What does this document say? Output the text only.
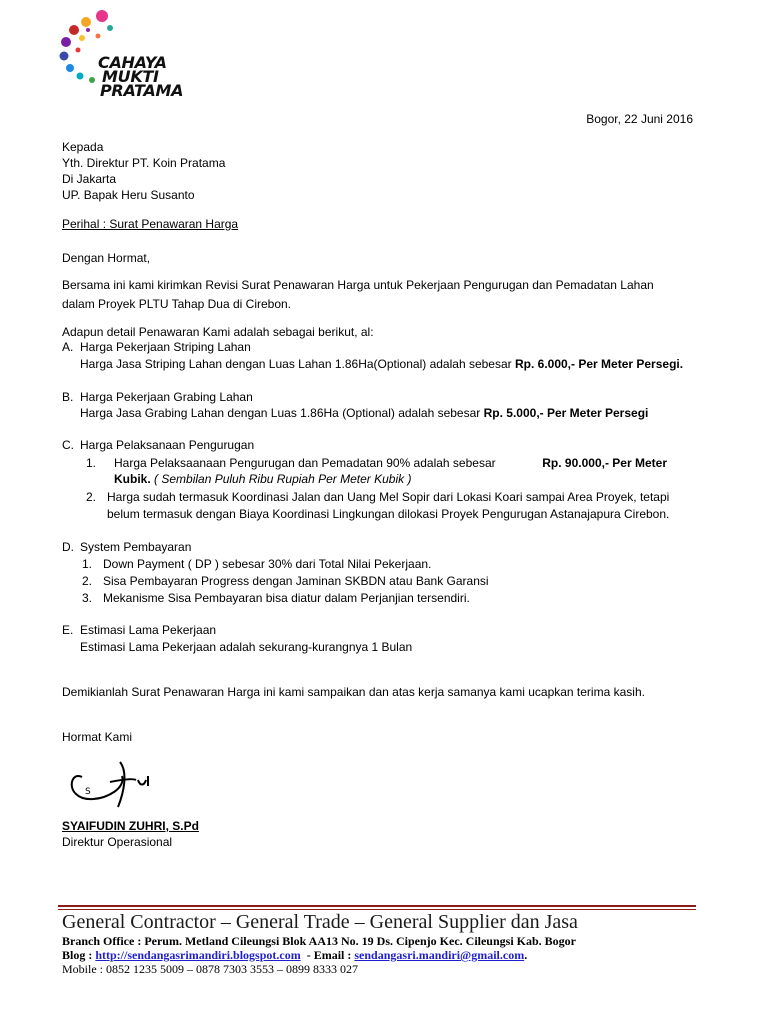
CAHAYA
MUKTI
PRATAMA
Bogor, 22 Juni 2016
Kepada
Yth. Direktur PT. Koin Pratama
Di Jakarta
UP. Bapak Heru Susanto
Perihal : Surat Penawaran Harga
Dengan Hormat,
Bersama ini kami kirimkan Revisi Surat Penawaran Harga untuk Pekerjaan Pengurugan dan Pemadatan Lahan
dalam Proyek PLTU Tahap Dua di Cirebon.
Adapun detail Penawaran Kami adalah sebagai berikut, al:
A. Harga Pekerjaan Striping Lahan
Harga Jasa Striping Lahan dengan Luas Lahan 1.86Ha(Optional) adalah sebesar Rp. 6.000,- Per Meter Persegi.
B. Harga Pekerjaan Grabing Lahan
Harga Jasa Grabing Lahan dengan Luas 1.86Ha (Optional) adalah sebesar Rp. 5.000,- Per Meter Persegi
C. Harga Pelaksanaan Pengurugan
1. Harga Pelaksaanaan Pengurugan dan Pemadatan 90% adalah sebesar	Rp. 90.000,- Per Meter
Kubik. ( Sembilan Puluh Ribu Rupiah Per Meter Kubik )
2. Harga sudah termasuk Koordinasi Jalan dan Uang Mel Sopir dari Lokasi Koari sampai Area Proyek, tetapi
belum termasuk dengan Biaya Koordinasi Lingkungan dilokasi Proyek Pengurugan Astanajapura Cirebon.
D. System Pembayaran
1. Down Payment ( DP ) sebesar 30% dari Total Nilai Pekerjaan.
2. Sisa Pembayaran Progress dengan Jaminan SKBDN atau Bank Garansi
3. Mekanisme Sisa Pembayaran bisa diatur dalam Perjanjian tersendiri.
E. Estimasi Lama Pekerjaan
Estimasi Lama Pekerjaan adalah sekurang-kurangnya 1 Bulan
Demikianlah Surat Penawaran Harga ini kami sampaikan dan atas kerja samanya kami ucapkan terima kasih.
Hormat Kami
S
SYAIFUDIN ZUHRI, S.Pd
Direktur Operasional
General Contractor – General Trade – General Supplier dan Jasa
Branch Office : Perum. Metland Cileungsi Blok AA13 No. 19 Ds. Cipenjo Kec. Cileungsi Kab. Bogor
Blog : http://sendangasrimandiri.blogspot.com  - Email : sendangasri.mandiri@gmail.com.
Mobile : 0852 1235 5009 – 0878 7303 3553 – 0899 8333 027
